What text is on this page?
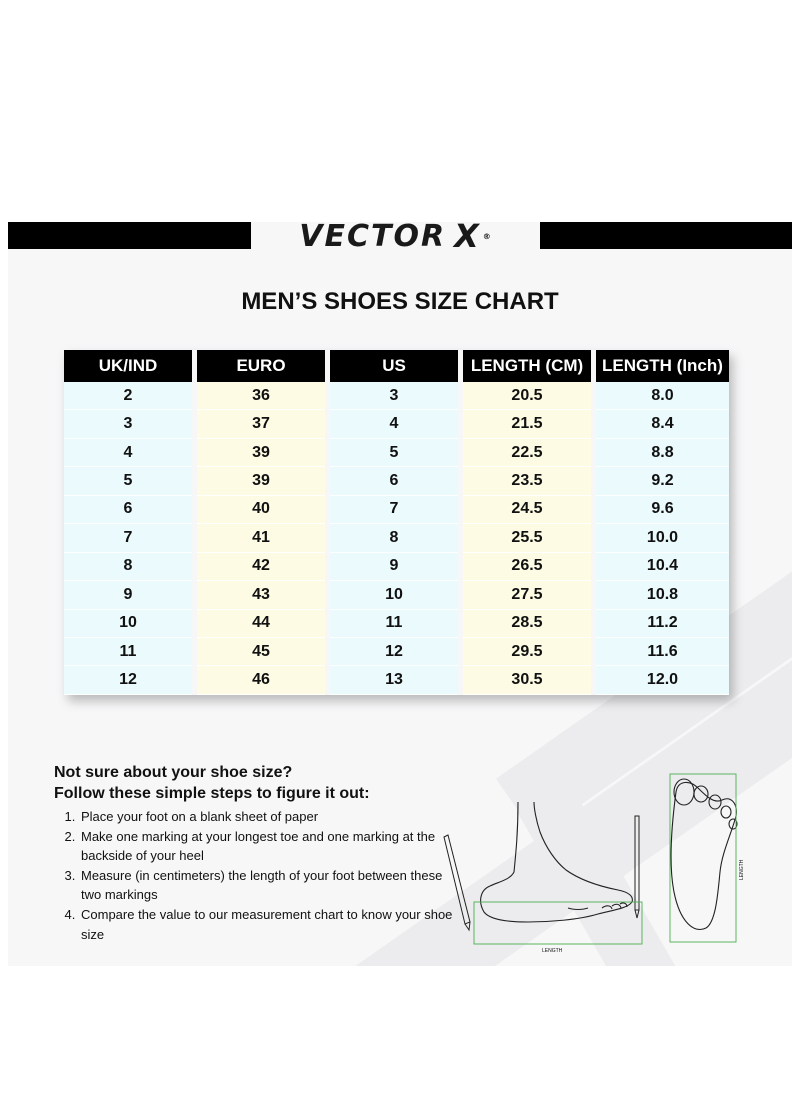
VECTOR X ®
MEN’S SHOES SIZE CHART
UK/IND
2
3
4
5
6
7
8
9
10
11
12
EURO
36
37
39
39
40
41
42
43
44
45
46
US
3
4
5
6
7
8
9
10
11
12
13
LENGTH (CM)
20.5
21.5
22.5
23.5
24.5
25.5
26.5
27.5
28.5
29.5
30.5
LENGTH (Inch)
8.0
8.4
8.8
9.2
9.6
10.0
10.4
10.8
11.2
11.6
12.0
Not sure about your shoe size?
Follow these simple steps to figure it out:
1. Place your foot on a blank sheet of paper
2. Make one marking at your longest toe and one marking at the backside of your heel
3. Measure (in centimeters) the length of your foot between these two markings
4. Compare the value to our measurement chart to know your shoe size
LENGTH
LENGTH
